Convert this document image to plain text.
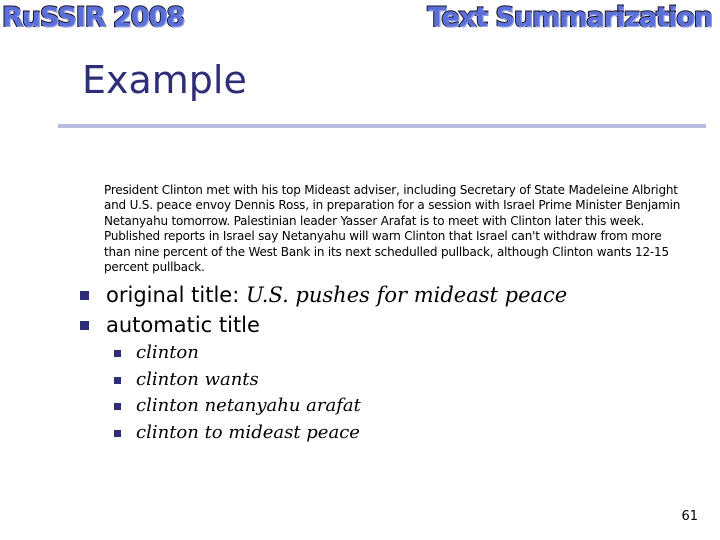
RuSSIR 2008	Text Summarization
Example

President Clinton met with his top Mideast adviser, including Secretary of State Madeleine Albright and U.S. peace envoy Dennis Ross, in preparation for a session with Israel Prime Minister Benjamin Netanyahu tomorrow. Palestinian leader Yasser Arafat is to meet with Clinton later this week. Published reports in Israel say Netanyahu will warn Clinton that Israel can't withdraw from more than nine percent of the West Bank in its next schedulled pullback, although Clinton wants 12-15 percent pullback.

original title: U.S. pushes for mideast peace
automatic title
clinton
clinton wants
clinton netanyahu arafat
clinton to mideast peace
61
